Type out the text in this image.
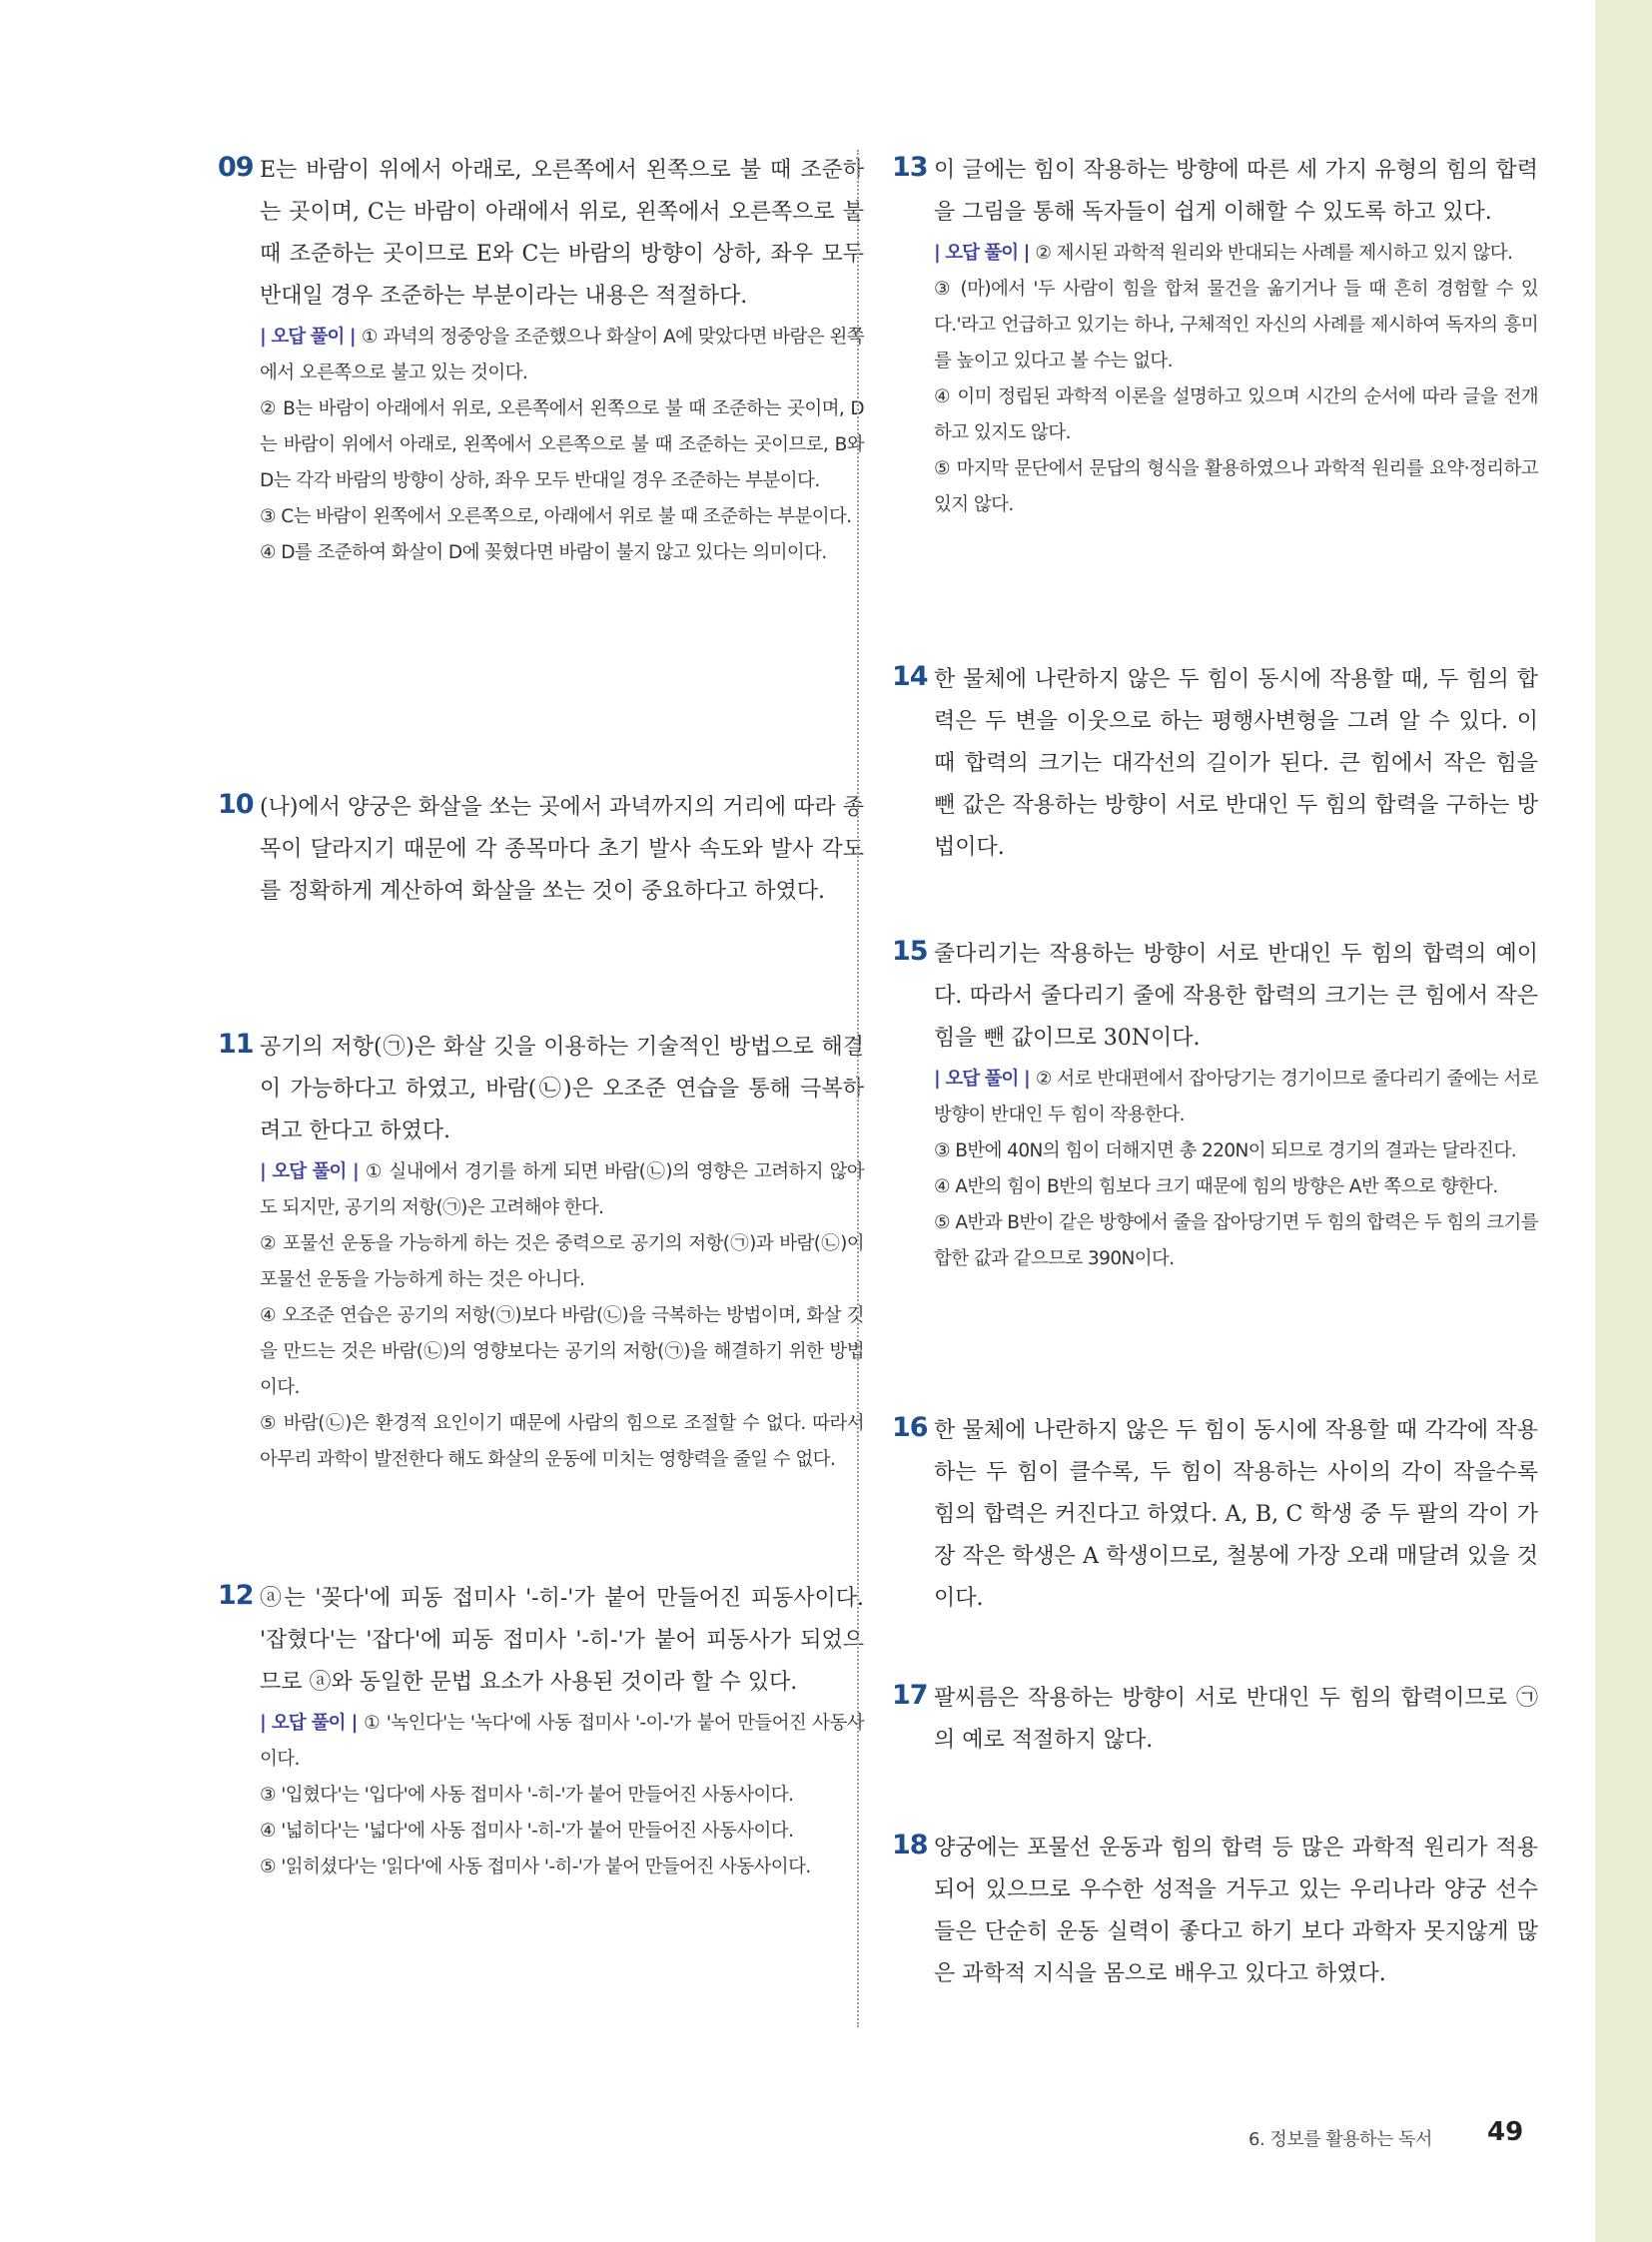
09 E는 바람이 위에서 아래로, 오른쪽에서 왼쪽으로 불 때 조준하는 곳이며, C는 바람이 아래에서 위로, 왼쪽에서 오른쪽으로 불 때 조준하는 곳이므로 E와 C는 바람의 방향이 상하, 좌우 모두 반대일 경우 조준하는 부분이라는 내용은 적절하다.

| 오답 풀이 | ① 과녁의 정중앙을 조준했으나 화살이 A에 맞았다면 바람은 왼쪽에서 오른쪽으로 불고 있는 것이다.

② B는 바람이 아래에서 위로, 오른쪽에서 왼쪽으로 불 때 조준하는 곳이며, D는 바람이 위에서 아래로, 왼쪽에서 오른쪽으로 불 때 조준하는 곳이므로, B와 D는 각각 바람의 방향이 상하, 좌우 모두 반대일 경우 조준하는 부분이다.

③ C는 바람이 왼쪽에서 오른쪽으로, 아래에서 위로 불 때 조준하는 부분이다.

④ D를 조준하여 화살이 D에 꽂혔다면 바람이 불지 않고 있다는 의미이다.

10 (나)에서 양궁은 화살을 쏘는 곳에서 과녁까지의 거리에 따라 종목이 달라지기 때문에 각 종목마다 초기 발사 속도와 발사 각도를 정확하게 계산하여 화살을 쏘는 것이 중요하다고 하였다.

11 공기의 저항(㉠)은 화살 깃을 이용하는 기술적인 방법으로 해결이 가능하다고 하였고, 바람(㉡)은 오조준 연습을 통해 극복하려고 한다고 하였다.

| 오답 풀이 | ① 실내에서 경기를 하게 되면 바람(㉡)의 영향은 고려하지 않아도 되지만, 공기의 저항(㉠)은 고려해야 한다.

② 포물선 운동을 가능하게 하는 것은 중력으로 공기의 저항(㉠)과 바람(㉡)이 포물선 운동을 가능하게 하는 것은 아니다.

④ 오조준 연습은 공기의 저항(㉠)보다 바람(㉡)을 극복하는 방법이며, 화살 깃을 만드는 것은 바람(㉡)의 영향보다는 공기의 저항(㉠)을 해결하기 위한 방법이다.

⑤ 바람(㉡)은 환경적 요인이기 때문에 사람의 힘으로 조절할 수 없다. 따라서 아무리 과학이 발전한다 해도 화살의 운동에 미치는 영향력을 줄일 수 없다.

12 ⓐ는 '꽂다'에 피동 접미사 '-히-'가 붙어 만들어진 피동사이다. '잡혔다'는 '잡다'에 피동 접미사 '-히-'가 붙어 피동사가 되었으므로 ⓐ와 동일한 문법 요소가 사용된 것이라 할 수 있다.

| 오답 풀이 | ① '녹인다'는 '녹다'에 사동 접미사 '-이-'가 붙어 만들어진 사동사이다.

③ '입혔다'는 '입다'에 사동 접미사 '-히-'가 붙어 만들어진 사동사이다.

④ '넓히다'는 '넓다'에 사동 접미사 '-히-'가 붙어 만들어진 사동사이다.

⑤ '읽히셨다'는 '읽다'에 사동 접미사 '-히-'가 붙어 만들어진 사동사이다.

13 이 글에는 힘이 작용하는 방향에 따른 세 가지 유형의 힘의 합력을 그림을 통해 독자들이 쉽게 이해할 수 있도록 하고 있다.

| 오답 풀이 | ② 제시된 과학적 원리와 반대되는 사례를 제시하고 있지 않다.

③ (마)에서 '두 사람이 힘을 합쳐 물건을 옮기거나 들 때 흔히 경험할 수 있다.'라고 언급하고 있기는 하나, 구체적인 자신의 사례를 제시하여 독자의 흥미를 높이고 있다고 볼 수는 없다.

④ 이미 정립된 과학적 이론을 설명하고 있으며 시간의 순서에 따라 글을 전개하고 있지도 않다.

⑤ 마지막 문단에서 문답의 형식을 활용하였으나 과학적 원리를 요약·정리하고 있지 않다.

14 한 물체에 나란하지 않은 두 힘이 동시에 작용할 때, 두 힘의 합력은 두 변을 이웃으로 하는 평행사변형을 그려 알 수 있다. 이때 합력의 크기는 대각선의 길이가 된다. 큰 힘에서 작은 힘을 뺀 값은 작용하는 방향이 서로 반대인 두 힘의 합력을 구하는 방법이다.

15 줄다리기는 작용하는 방향이 서로 반대인 두 힘의 합력의 예이다. 따라서 줄다리기 줄에 작용한 합력의 크기는 큰 힘에서 작은 힘을 뺀 값이므로 30N이다.

| 오답 풀이 | ② 서로 반대편에서 잡아당기는 경기이므로 줄다리기 줄에는 서로 방향이 반대인 두 힘이 작용한다.

③ B반에 40N의 힘이 더해지면 총 220N이 되므로 경기의 결과는 달라진다.

④ A반의 힘이 B반의 힘보다 크기 때문에 힘의 방향은 A반 쪽으로 향한다.

⑤ A반과 B반이 같은 방향에서 줄을 잡아당기면 두 힘의 합력은 두 힘의 크기를 합한 값과 같으므로 390N이다.

16 한 물체에 나란하지 않은 두 힘이 동시에 작용할 때 각각에 작용하는 두 힘이 클수록, 두 힘이 작용하는 사이의 각이 작을수록 힘의 합력은 커진다고 하였다. A, B, C 학생 중 두 팔의 각이 가장 작은 학생은 A 학생이므로, 철봉에 가장 오래 매달려 있을 것이다.

17 팔씨름은 작용하는 방향이 서로 반대인 두 힘의 합력이므로 ㉠의 예로 적절하지 않다.

18 양궁에는 포물선 운동과 힘의 합력 등 많은 과학적 원리가 적용되어 있으므로 우수한 성적을 거두고 있는 우리나라 양궁 선수들은 단순히 운동 실력이 좋다고 하기 보다 과학자 못지않게 많은 과학적 지식을 몸으로 배우고 있다고 하였다.

6. 정보를 활용하는 독서 49
